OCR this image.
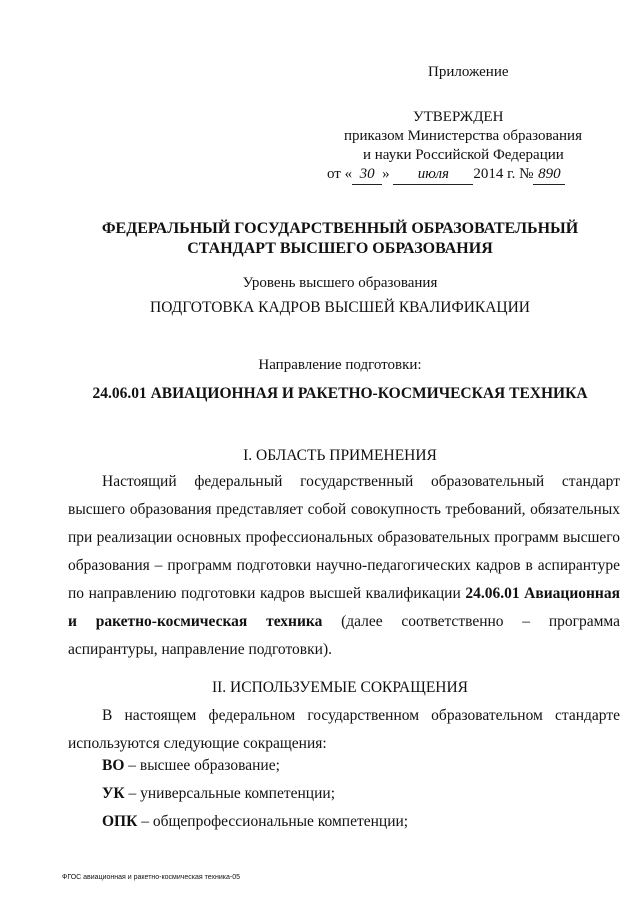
Приложение
УТВЕРЖДЕН
приказом Министерства образования
и науки Российской Федерации
от « 30 » июля 2014 г. № 890
ФЕДЕРАЛЬНЫЙ ГОСУДАРСТВЕННЫЙ ОБРАЗОВАТЕЛЬНЫЙ
СТАНДАРТ ВЫСШЕГО ОБРАЗОВАНИЯ
Уровень высшего образования
ПОДГОТОВКА КАДРОВ ВЫСШЕЙ КВАЛИФИКАЦИИ
Направление подготовки:
24.06.01 АВИАЦИОННАЯ И РАКЕТНО-КОСМИЧЕСКАЯ ТЕХНИКА
I. ОБЛАСТЬ ПРИМЕНЕНИЯ

Настоящий федеральный государственный образовательный стандарт высшего образования представляет собой совокупность требований, обязательных при реализации основных профессиональных образовательных программ высшего образования – программ подготовки научно-педагогических кадров в аспирантуре по направлению подготовки кадров высшей квалификации 24.06.01 Авиационная и ракетно-космическая техника (далее соответственно – программа аспирантуры, направление подготовки).

II. ИСПОЛЬЗУЕМЫЕ СОКРАЩЕНИЯ

В настоящем федеральном государственном образовательном стандарте используются следующие сокращения:

ВО – высшее образование;
УК – универсальные компетенции;
ОПК – общепрофессиональные компетенции;
ФГОС авиационная и ракетно-космическая техника-05
